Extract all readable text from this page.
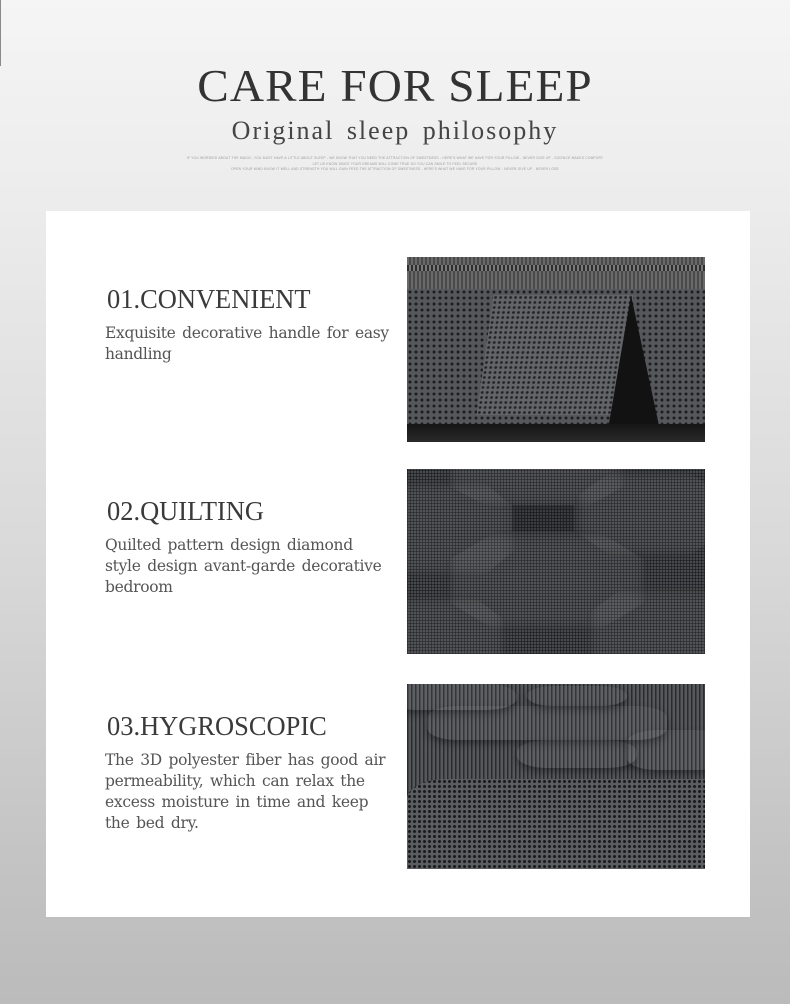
CARE FOR SLEEP
Original sleep philosophy
IF YOU WORRIED ABOUT THE MAGIC, YOU MUST HAVE A LITTLE ABOUT SLEEP - WE KNOW THAT YOU NEED THE ATTRACTION OF SWEETNESS - HERE'S WHAT WE HAVE FOR YOUR PILLOW - NEVER GIVE UP - SCIENCE MAKES COMFORT
LET US KNOW SINCE YOUR DREAMS WILL COME TRUE SO YOU CAN SMILE TO FEEL SECURE
OPEN YOUR MIND KNOW IT WELL AND STRENGTH YOU WILL GAIN FEED THE ATTRACTION OF SWEETNESS - HERE'S WHAT WE HAVE FOR YOUR PILLOW - NEVER GIVE UP - NEVER LOSE
01.CONVENIENT
Exquisite decorative handle for easy handling
02.QUILTING
Quilted pattern design diamond style design avant-garde decorative bedroom
03.HYGROSCOPIC
The 3D polyester fiber has good air permeability, which can relax the excess moisture in time and keep the bed dry.
